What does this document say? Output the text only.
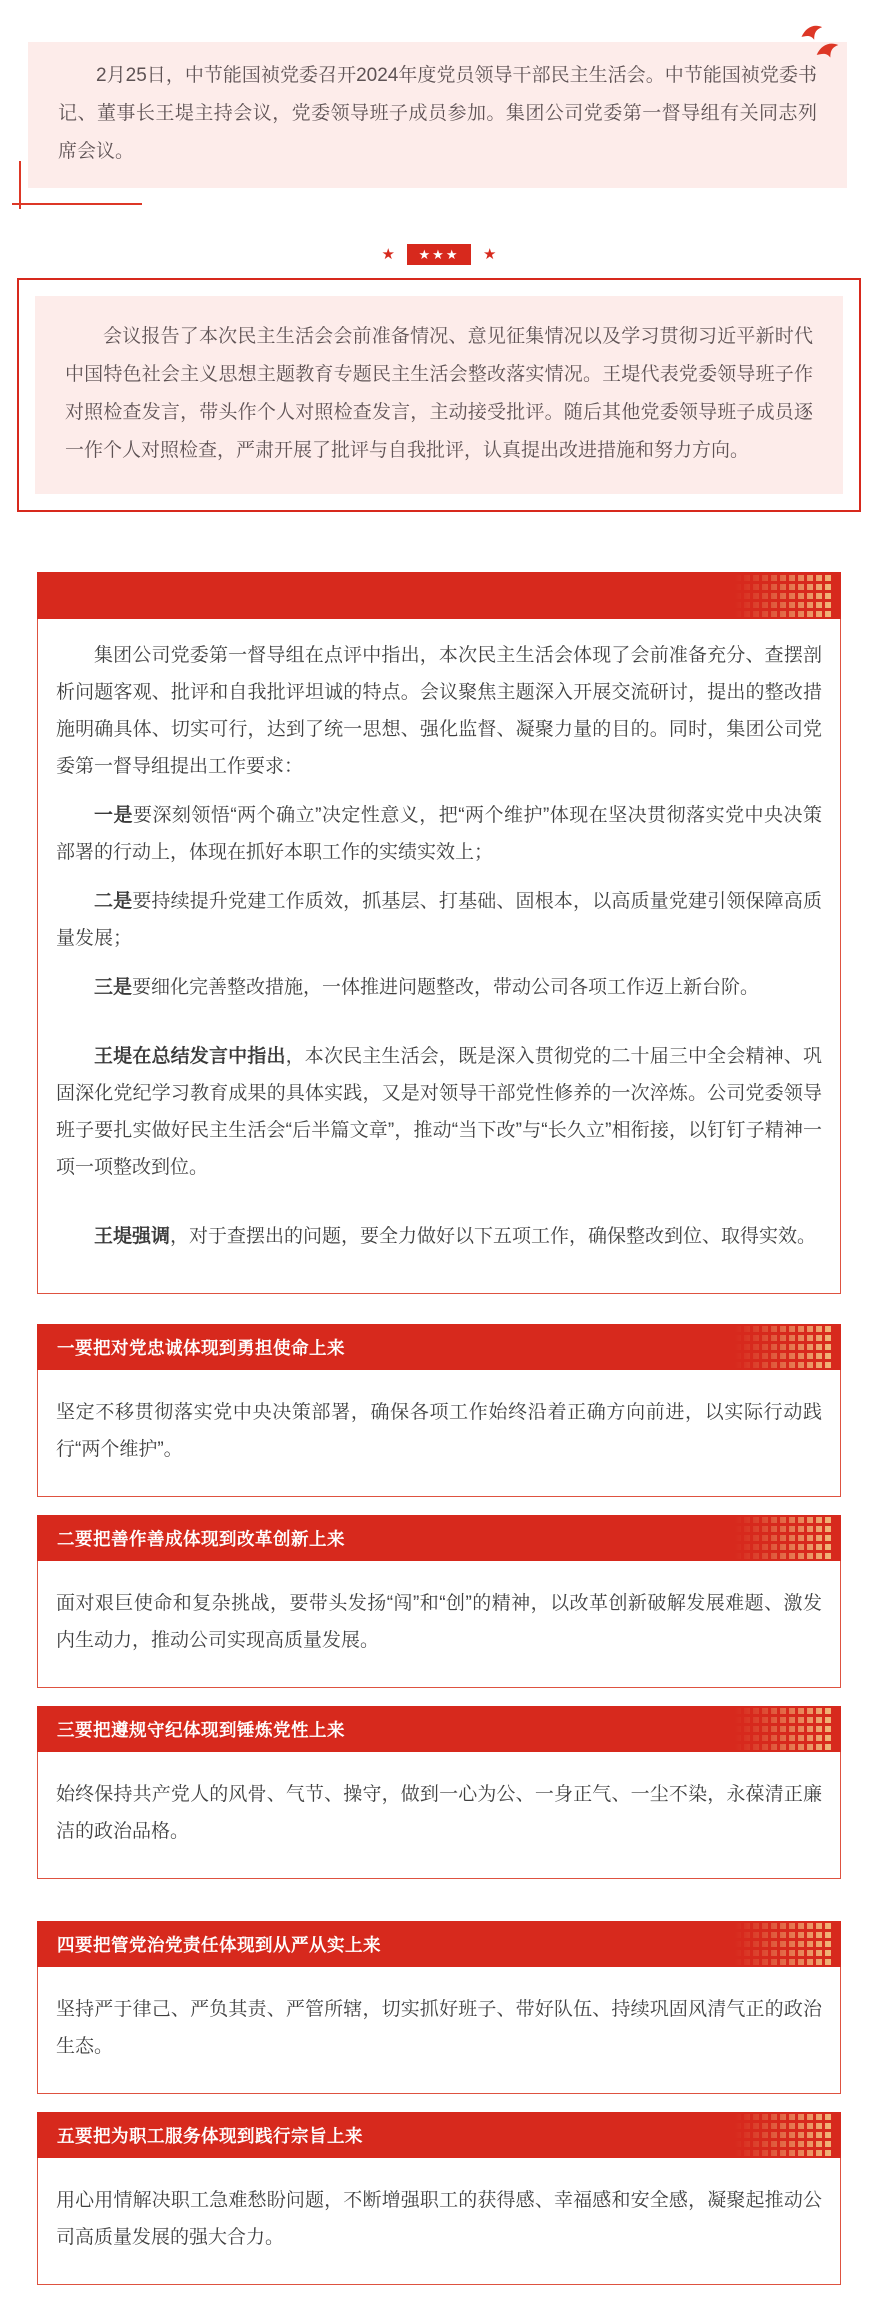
2月25日，中节能国祯党委召开2024年度党员领导干部民主生活会。中节能国祯党委书记、董事长王堤主持会议，党委领导班子成员参加。集团公司党委第一督导组有关同志列席会议。

★	★★★	★

会议报告了本次民主生活会会前准备情况、意见征集情况以及学习贯彻习近平新时代中国特色社会主义思想主题教育专题民主生活会整改落实情况。王堤代表党委领导班子作对照检查发言，带头作个人对照检查发言，主动接受批评。随后其他党委领导班子成员逐一作个人对照检查，严肃开展了批评与自我批评，认真提出改进措施和努力方向。

集团公司党委第一督导组在点评中指出，本次民主生活会体现了会前准备充分、查摆剖析问题客观、批评和自我批评坦诚的特点。会议聚焦主题深入开展交流研讨，提出的整改措施明确具体、切实可行，达到了统一思想、强化监督、凝聚力量的目的。同时，集团公司党委第一督导组提出工作要求：

一是要深刻领悟“两个确立”决定性意义，把“两个维护”体现在坚决贯彻落实党中央决策部署的行动上，体现在抓好本职工作的实绩实效上；

二是要持续提升党建工作质效，抓基层、打基础、固根本，以高质量党建引领保障高质量发展；

三是要细化完善整改措施，一体推进问题整改，带动公司各项工作迈上新台阶。

王堤在总结发言中指出，本次民主生活会，既是深入贯彻党的二十届三中全会精神、巩固深化党纪学习教育成果的具体实践，又是对领导干部党性修养的一次淬炼。公司党委领导班子要扎实做好民主生活会“后半篇文章”，推动“当下改”与“长久立”相衔接，以钉钉子精神一项一项整改到位。

王堤强调，对于查摆出的问题，要全力做好以下五项工作，确保整改到位、取得实效。

一要把对党忠诚体现到勇担使命上来

坚定不移贯彻落实党中央决策部署，确保各项工作始终沿着正确方向前进，以实际行动践行“两个维护”。

二要把善作善成体现到改革创新上来

面对艰巨使命和复杂挑战，要带头发扬“闯”和“创”的精神，以改革创新破解发展难题、激发内生动力，推动公司实现高质量发展。

三要把遵规守纪体现到锤炼党性上来

始终保持共产党人的风骨、气节、操守，做到一心为公、一身正气、一尘不染，永葆清正廉洁的政治品格。

四要把管党治党责任体现到从严从实上来

坚持严于律己、严负其责、严管所辖，切实抓好班子、带好队伍、持续巩固风清气正的政治生态。

五要把为职工服务体现到践行宗旨上来

用心用情解决职工急难愁盼问题，不断增强职工的获得感、幸福感和安全感，凝聚起推动公司高质量发展的强大合力。
